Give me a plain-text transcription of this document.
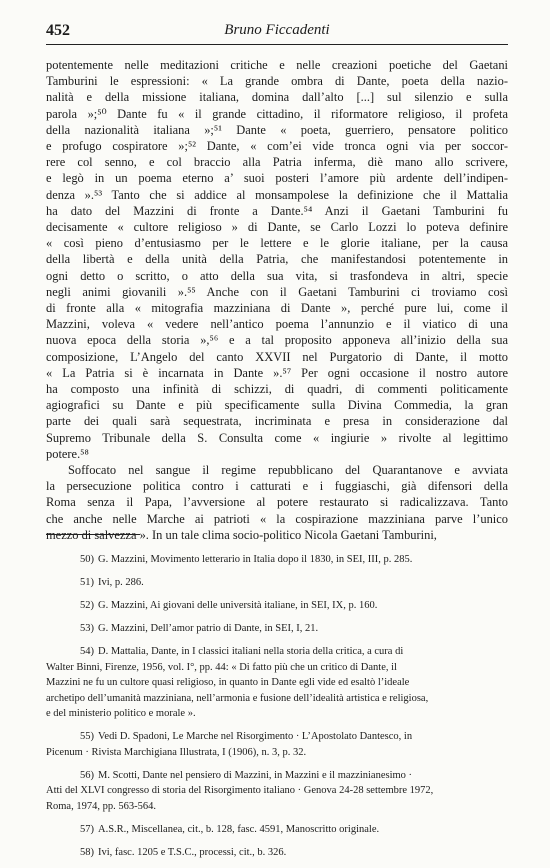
452	Bruno Ficcadenti

potentemente nelle meditazioni critiche e nelle creazioni poetiche del Gaetani

Tamburini le espressioni: « La grande ombra di Dante, poeta della nazio-

nalità e della missione italiana, domina dall’alto [...] sul silenzio e sulla

parola »;⁵⁰ Dante fu « il grande cittadino, il riformatore religioso, il profeta

della nazionalità italiana »;⁵¹ Dante « poeta, guerriero, pensatore politico

e profugo cospiratore »;⁵² Dante, « com’ei vide tronca ogni via per soccor-

rere col senno, e col braccio alla Patria inferma, diè mano allo scrivere,

e legò in un poema eterno a’ suoi posteri l’amore più ardente dell’indipen-

denza ».⁵³ Tanto che si addice al monsampolese la definizione che il Mattalia

ha dato del Mazzini di fronte a Dante.⁵⁴ Anzi il Gaetani Tamburini fu

decisamente « cultore religioso » di Dante, se Carlo Lozzi lo poteva definire

« così pieno d’entusiasmo per le lettere e le glorie italiane, per la causa

della libertà e della unità della Patria, che manifestandosi potentemente in

ogni detto o scritto, o atto della sua vita, si trasfondeva in altri, specie

negli animi giovanili ».⁵⁵ Anche con il Gaetani Tamburini ci troviamo così

di fronte alla « mitografia mazziniana di Dante », perché pure lui, come il

Mazzini, voleva « vedere nell’antico poema l’annunzio e il viatico di una

nuova epoca della storia »,⁵⁶ e a tal proposito apponeva all’inizio della sua

composizione, L’Angelo del canto XXVII nel Purgatorio di Dante, il motto

« La Patria si è incarnata in Dante ».⁵⁷ Per ogni occasione il nostro autore

ha composto una infinità di schizzi, di quadri, di commenti politicamente

agiografici su Dante e più specificamente sulla Divina Commedia, la gran

parte dei quali sarà sequestrata, incriminata e presa in considerazione dal

Supremo Tribunale della S. Consulta come « ingiurie » rivolte al legittimo

potere.⁵⁸

Soffocato nel sangue il regime repubblicano del Quarantanove e avviata

la persecuzione politica contro i catturati e i fuggiaschi, già difensori della

Roma senza il Papa, l’avversione al potere restaurato si radicalizzava. Tanto

che anche nelle Marche ai patrioti « la cospirazione mazziniana parve l’unico

mezzo di salvezza ». In un tale clima socio-politico Nicola Gaetani Tamburini,

50) G. Mazzini, Movimento letterario in Italia dopo il 1830, in SEI, III, p. 285.
51) Ivi, p. 286.
52) G. Mazzini, Ai giovani delle università italiane, in SEI, IX, p. 160.
53) G. Mazzini, Dell’amor patrio di Dante, in SEI, I, 21.
54) D. Mattalia, Dante, in I classici italiani nella storia della critica, a cura di
Walter Binni, Firenze, 1956, vol. I°, pp. 44: « Di fatto più che un critico di Dante, il
Mazzini ne fu un cultore quasi religioso, in quanto in Dante egli vide ed esaltò l’ideale
archetipo dell’umanità mazziniana, nell’armonia e fusione dell’idealità artistica e religiosa,
e del ministerio politico e morale ».
55) Vedi D. Spadoni, Le Marche nel Risorgimento · L’Apostolato Dantesco, in
Picenum · Rivista Marchigiana Illustrata, I (1906), n. 3, p. 32.
56) M. Scotti, Dante nel pensiero di Mazzini, in Mazzini e il mazzinianesimo ·
Atti del XLVI congresso di storia del Risorgimento italiano · Genova 24-28 settembre 1972,
Roma, 1974, pp. 563-564.
57) A.S.R., Miscellanea, cit., b. 128, fasc. 4591, Manoscritto originale.
58) Ivi, fasc. 1205 e T.S.C., processi, cit., b. 326.
